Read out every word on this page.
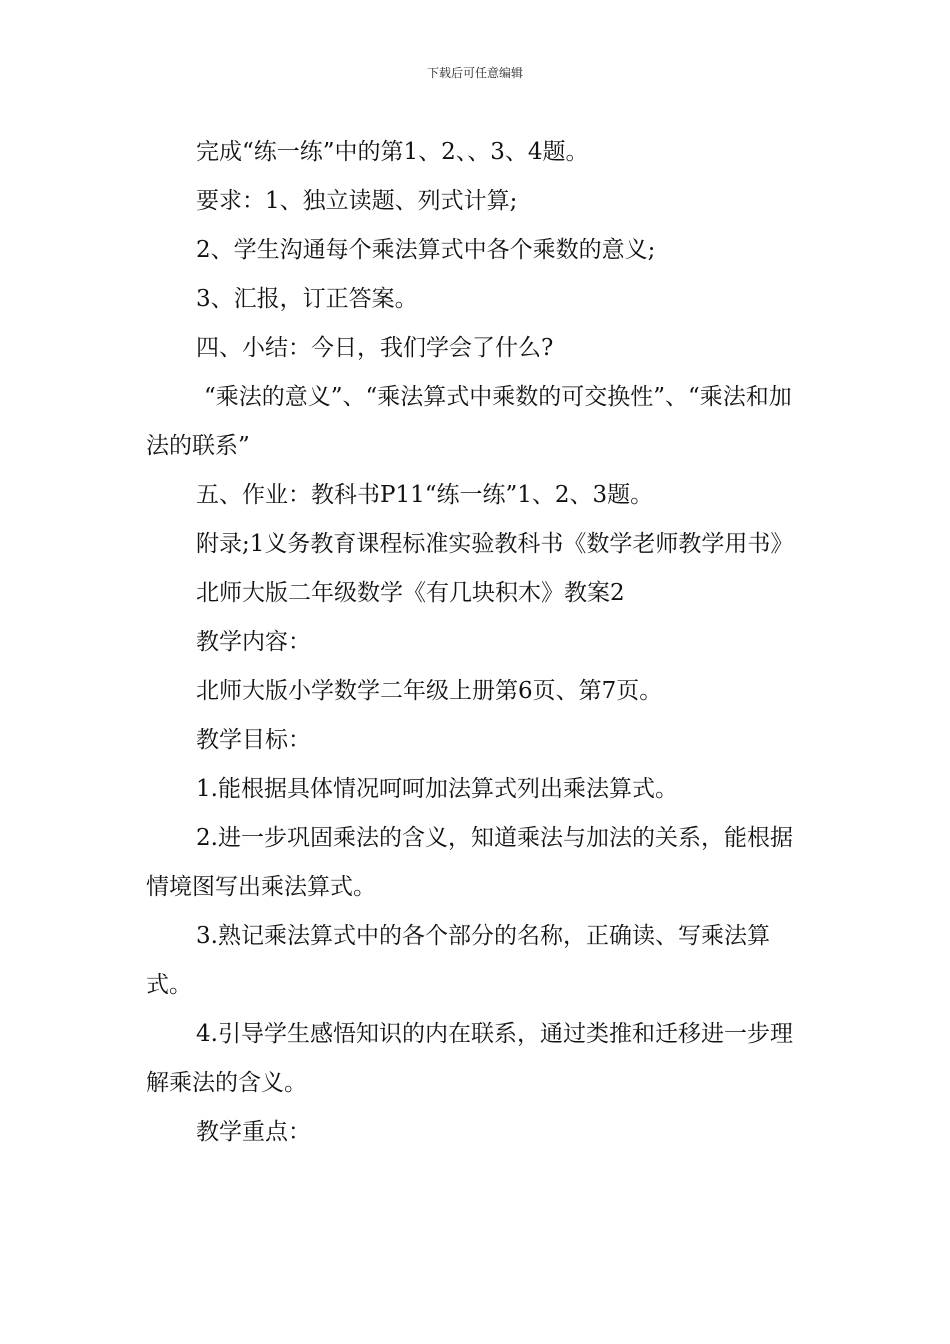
下载后可任意编辑

完成“练一练”中的第1、2、、3、4题。

要求：1、独立读题、列式计算;

2、学生沟通每个乘法算式中各个乘数的意义;

3、汇报，订正答案。

四、小结：今日，我们学会了什么?

“乘法的意义”、“乘法算式中乘数的可交换性”、“乘法和加法的联系”

五、作业：教科书P11“练一练”1、2、3题。

附录;1义务教育课程标准实验教科书《数学老师教学用书》

北师大版二年级数学《有几块积木》教案2

教学内容：

北师大版小学数学二年级上册第6页、第7页。

教学目标：

1.能根据具体情况呵呵加法算式列出乘法算式。

2.进一步巩固乘法的含义，知道乘法与加法的关系，能根据情境图写出乘法算式。

3.熟记乘法算式中的各个部分的名称，正确读、写乘法算式。

4.引导学生感悟知识的内在联系，通过类推和迁移进一步理解乘法的含义。

教学重点：
